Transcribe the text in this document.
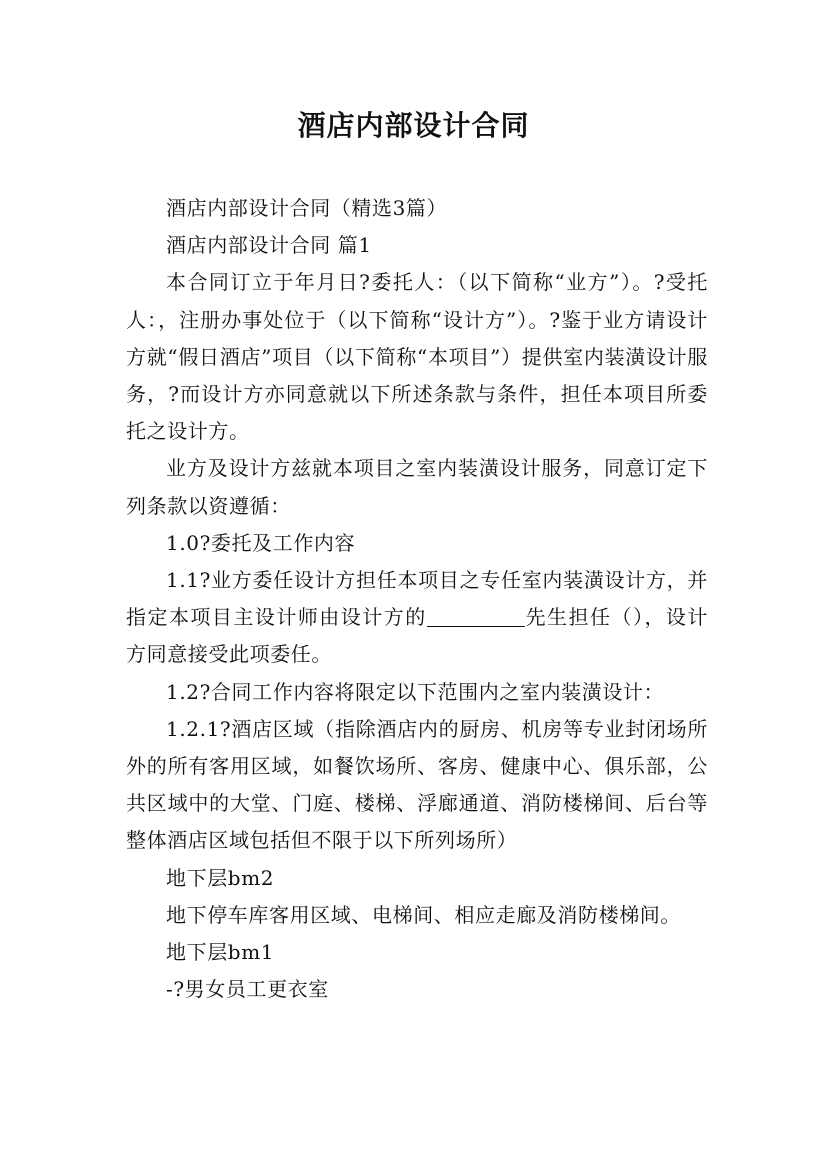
酒店内部设计合同

酒店内部设计合同（精选3篇）

酒店内部设计合同 篇1

本合同订立于年月日?委托人：（以下简称“业方”）。?受托人：，注册办事处位于（以下简称“设计方”）。?鉴于业方请设计方就“假日酒店”项目（以下简称“本项目”）提供室内装潢设计服务，?而设计方亦同意就以下所述条款与条件，担任本项目所委托之设计方。

业方及设计方兹就本项目之室内装潢设计服务，同意订定下列条款以资遵循：

1.0?委托及工作内容

1.1?业方委任设计方担任本项目之专任室内装潢设计方，并指定本项目主设计师由设计方的	先生担任（），设计方同意接受此项委任。

1.2?合同工作内容将限定以下范围内之室内装潢设计：

1.2.1?酒店区域（指除酒店内的厨房、机房等专业封闭场所外的所有客用区域，如餐饮场所、客房、健康中心、俱乐部，公共区域中的大堂、门庭、楼梯、浮廊通道、消防楼梯间、后台等整体酒店区域包括但不限于以下所列场所）

地下层bm2

地下停车库客用区域、电梯间、相应走廊及消防楼梯间。

地下层bm1

-?男女员工更衣室
